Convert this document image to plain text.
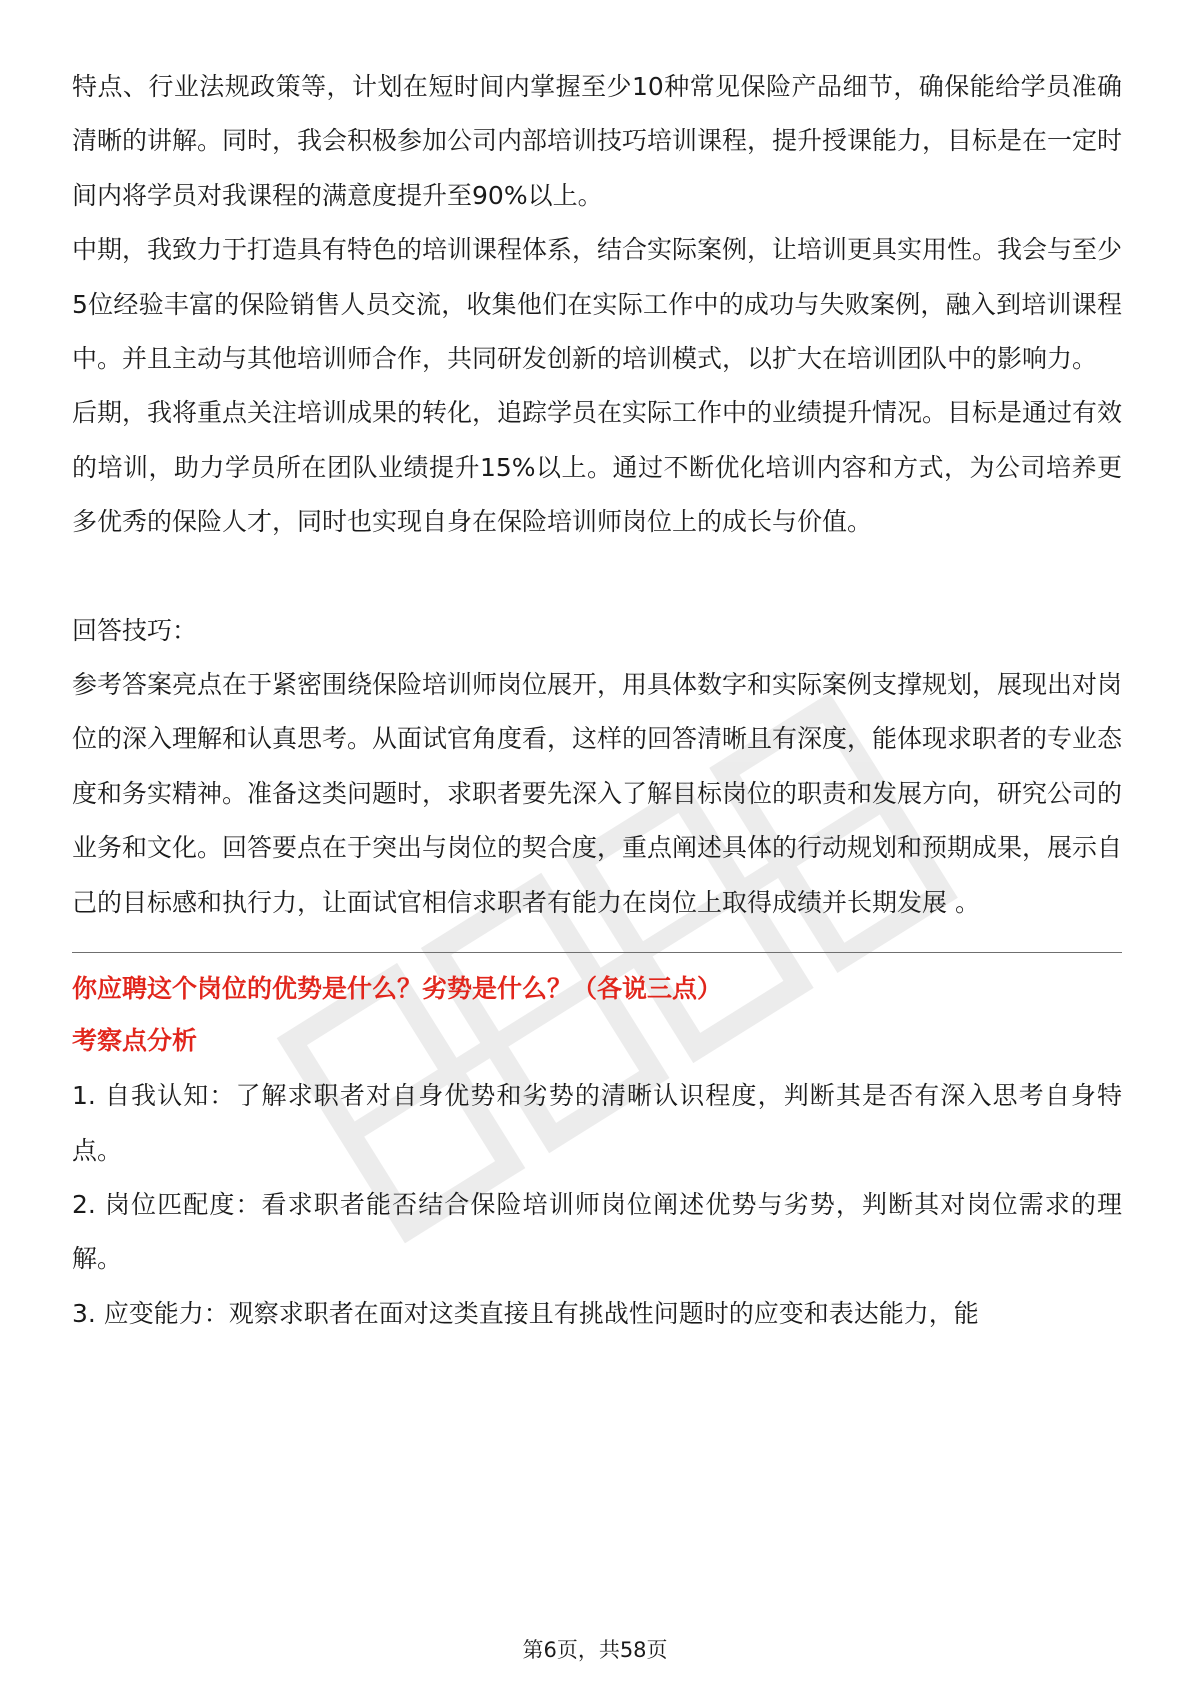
特点、行业法规政策等，计划在短时间内掌握至少10种常见保险产品细节，确保能给学员准确清晰的讲解。同时，我会积极参加公司内部培训技巧培训课程，提升授课能力，目标是在一定时间内将学员对我课程的满意度提升至90%以上。

中期，我致力于打造具有特色的培训课程体系，结合实际案例，让培训更具实用性。我会与至少5位经验丰富的保险销售人员交流，收集他们在实际工作中的成功与失败案例，融入到培训课程中。并且主动与其他培训师合作，共同研发创新的培训模式，以扩大在培训团队中的影响力。

后期，我将重点关注培训成果的转化，追踪学员在实际工作中的业绩提升情况。目标是通过有效的培训，助力学员所在团队业绩提升15%以上。通过不断优化培训内容和方式，为公司培养更多优秀的保险人才，同时也实现自身在保险培训师岗位上的成长与价值。

回答技巧：

参考答案亮点在于紧密围绕保险培训师岗位展开，用具体数字和实际案例支撑规划，展现出对岗位的深入理解和认真思考。从面试官角度看，这样的回答清晰且有深度，能体现求职者的专业态度和务实精神。准备这类问题时，求职者要先深入了解目标岗位的职责和发展方向，研究公司的业务和文化。回答要点在于突出与岗位的契合度，重点阐述具体的行动规划和预期成果，展示自己的目标感和执行力，让面试官相信求职者有能力在岗位上取得成绩并长期发展 。

你应聘这个岗位的优势是什么？劣势是什么？（各说三点）

考察点分析

1. 自我认知：了解求职者对自身优势和劣势的清晰认识程度，判断其是否有深入思考自身特点。

2. 岗位匹配度：看求职者能否结合保险培训师岗位阐述优势与劣势，判断其对岗位需求的理解。

3. 应变能力：观察求职者在面对这类直接且有挑战性问题时的应变和表达能力，能

第6页，共58页
